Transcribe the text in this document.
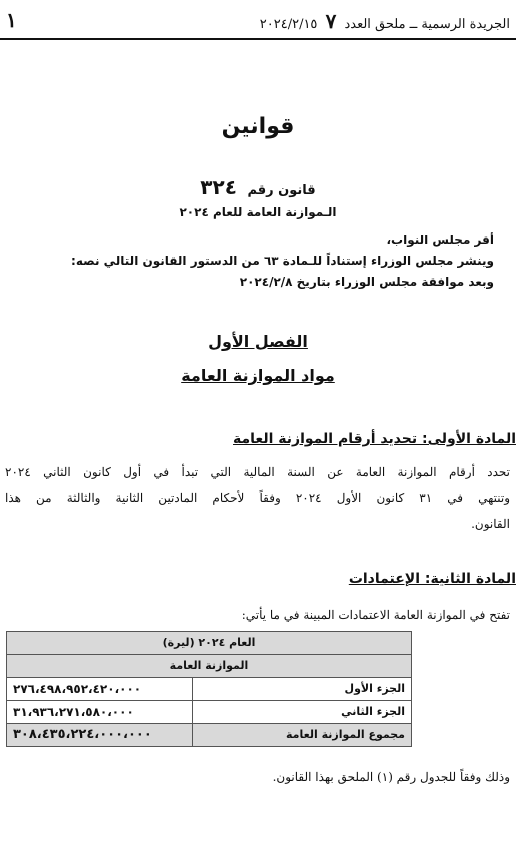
١	الجريدة الرسمية ــ ملحق العدد ٧ ٢٠٢٤/٢/١٥
قوانين
قانون رقم ٣٢٤
الـموازنة العامة للعام ٢٠٢٤
أقر مجلس النواب،
وينشر مجلس الوزراء إستناداً للـمادة ٦٣ من الدستور القانون التالي نصه:
وبعد موافقة مجلس الوزراء بتاريخ ٢٠٢٤/٢/٨
الفصل الأول
مواد الموازنة العامة
المادة الأولى: تحديد أرقام الموازنة العامة
تحدد أرقام الموازنة العامة عن السنة المالية التي تبدأ في أول كانون الثاني ٢٠٢٤
وتنتهي في ٣١ كانون الأول ٢٠٢٤ وفقاً لأحكام المادتين الثانية والثالثة من هذا
القانون.
المادة الثانية: الإعتمادات
تفتح في الموازنة العامة الاعتمادات المبينة في ما يأتي:
العام ٢٠٢٤ (ليرة)	
الموازنة العامة	
الجزء الأول	٢٧٦،٤٩٨،٩٥٢،٤٢٠،٠٠٠
الجزء الثاني	٣١،٩٣٦،٢٧١،٥٨٠،٠٠٠
مجموع الموازنة العامة	٣٠٨،٤٣٥،٢٢٤،٠٠٠،٠٠٠
وذلك وفقاً للجدول رقم (١) الملحق بهذا القانون.
